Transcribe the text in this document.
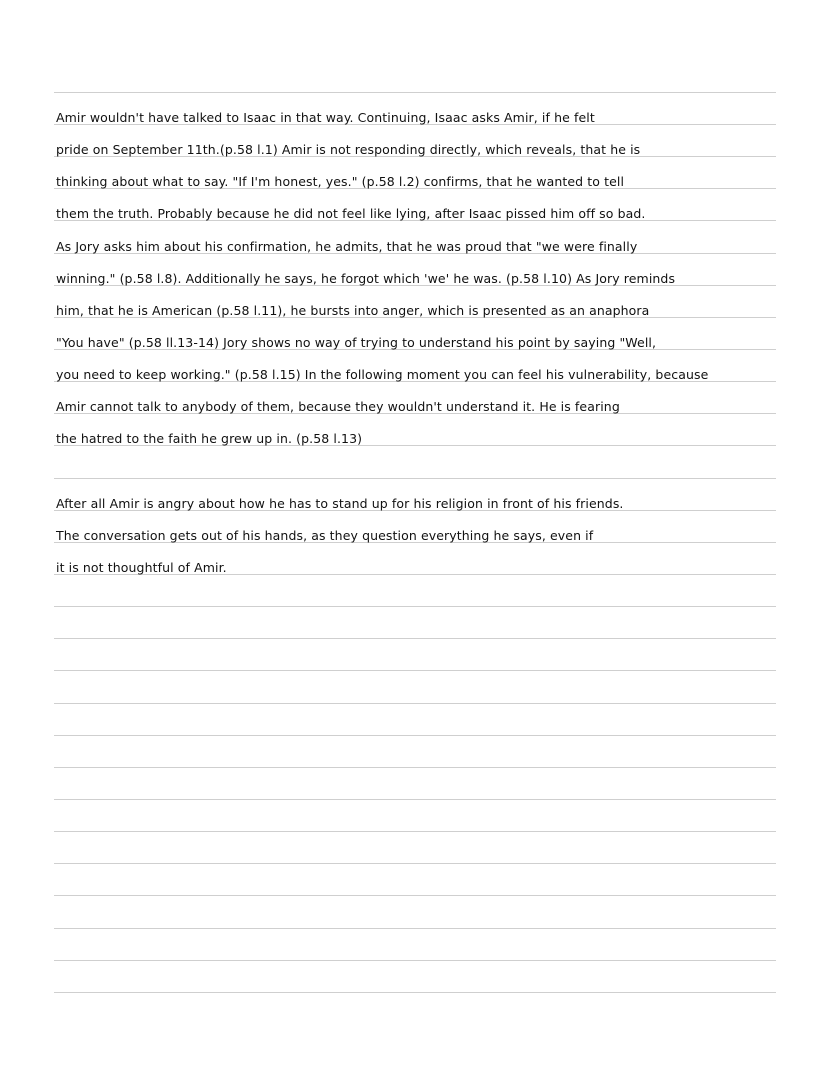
Amir wouldn't have talked to Isaac in that way. Continuing, Isaac asks Amir, if he felt
pride on September 11th.(p.58 l.1) Amir is not responding directly, which reveals, that he is
thinking about what to say. "If I'm honest, yes." (p.58 l.2) confirms, that he wanted to tell
them the truth. Probably because he did not feel like lying, after Isaac pissed him off so bad.
As Jory asks him about his confirmation, he admits, that he was proud that "we were finally
winning." (p.58 l.8). Additionally he says, he forgot which 'we' he was. (p.58 l.10) As Jory reminds
him, that he is American (p.58 l.11), he bursts into anger, which is presented as an anaphora
"You have" (p.58 ll.13-14) Jory shows no way of trying to understand his point by saying "Well,
you need to keep working." (p.58 l.15) In the following moment you can feel his vulnerability, because
Amir cannot talk to anybody of them, because they wouldn't understand it. He is fearing
the hatred to the faith he grew up in. (p.58 l.13)
After all Amir is angry about how he has to stand up for his religion in front of his friends.
The conversation gets out of his hands, as they question everything he says, even if
it is not thoughtful of Amir.
